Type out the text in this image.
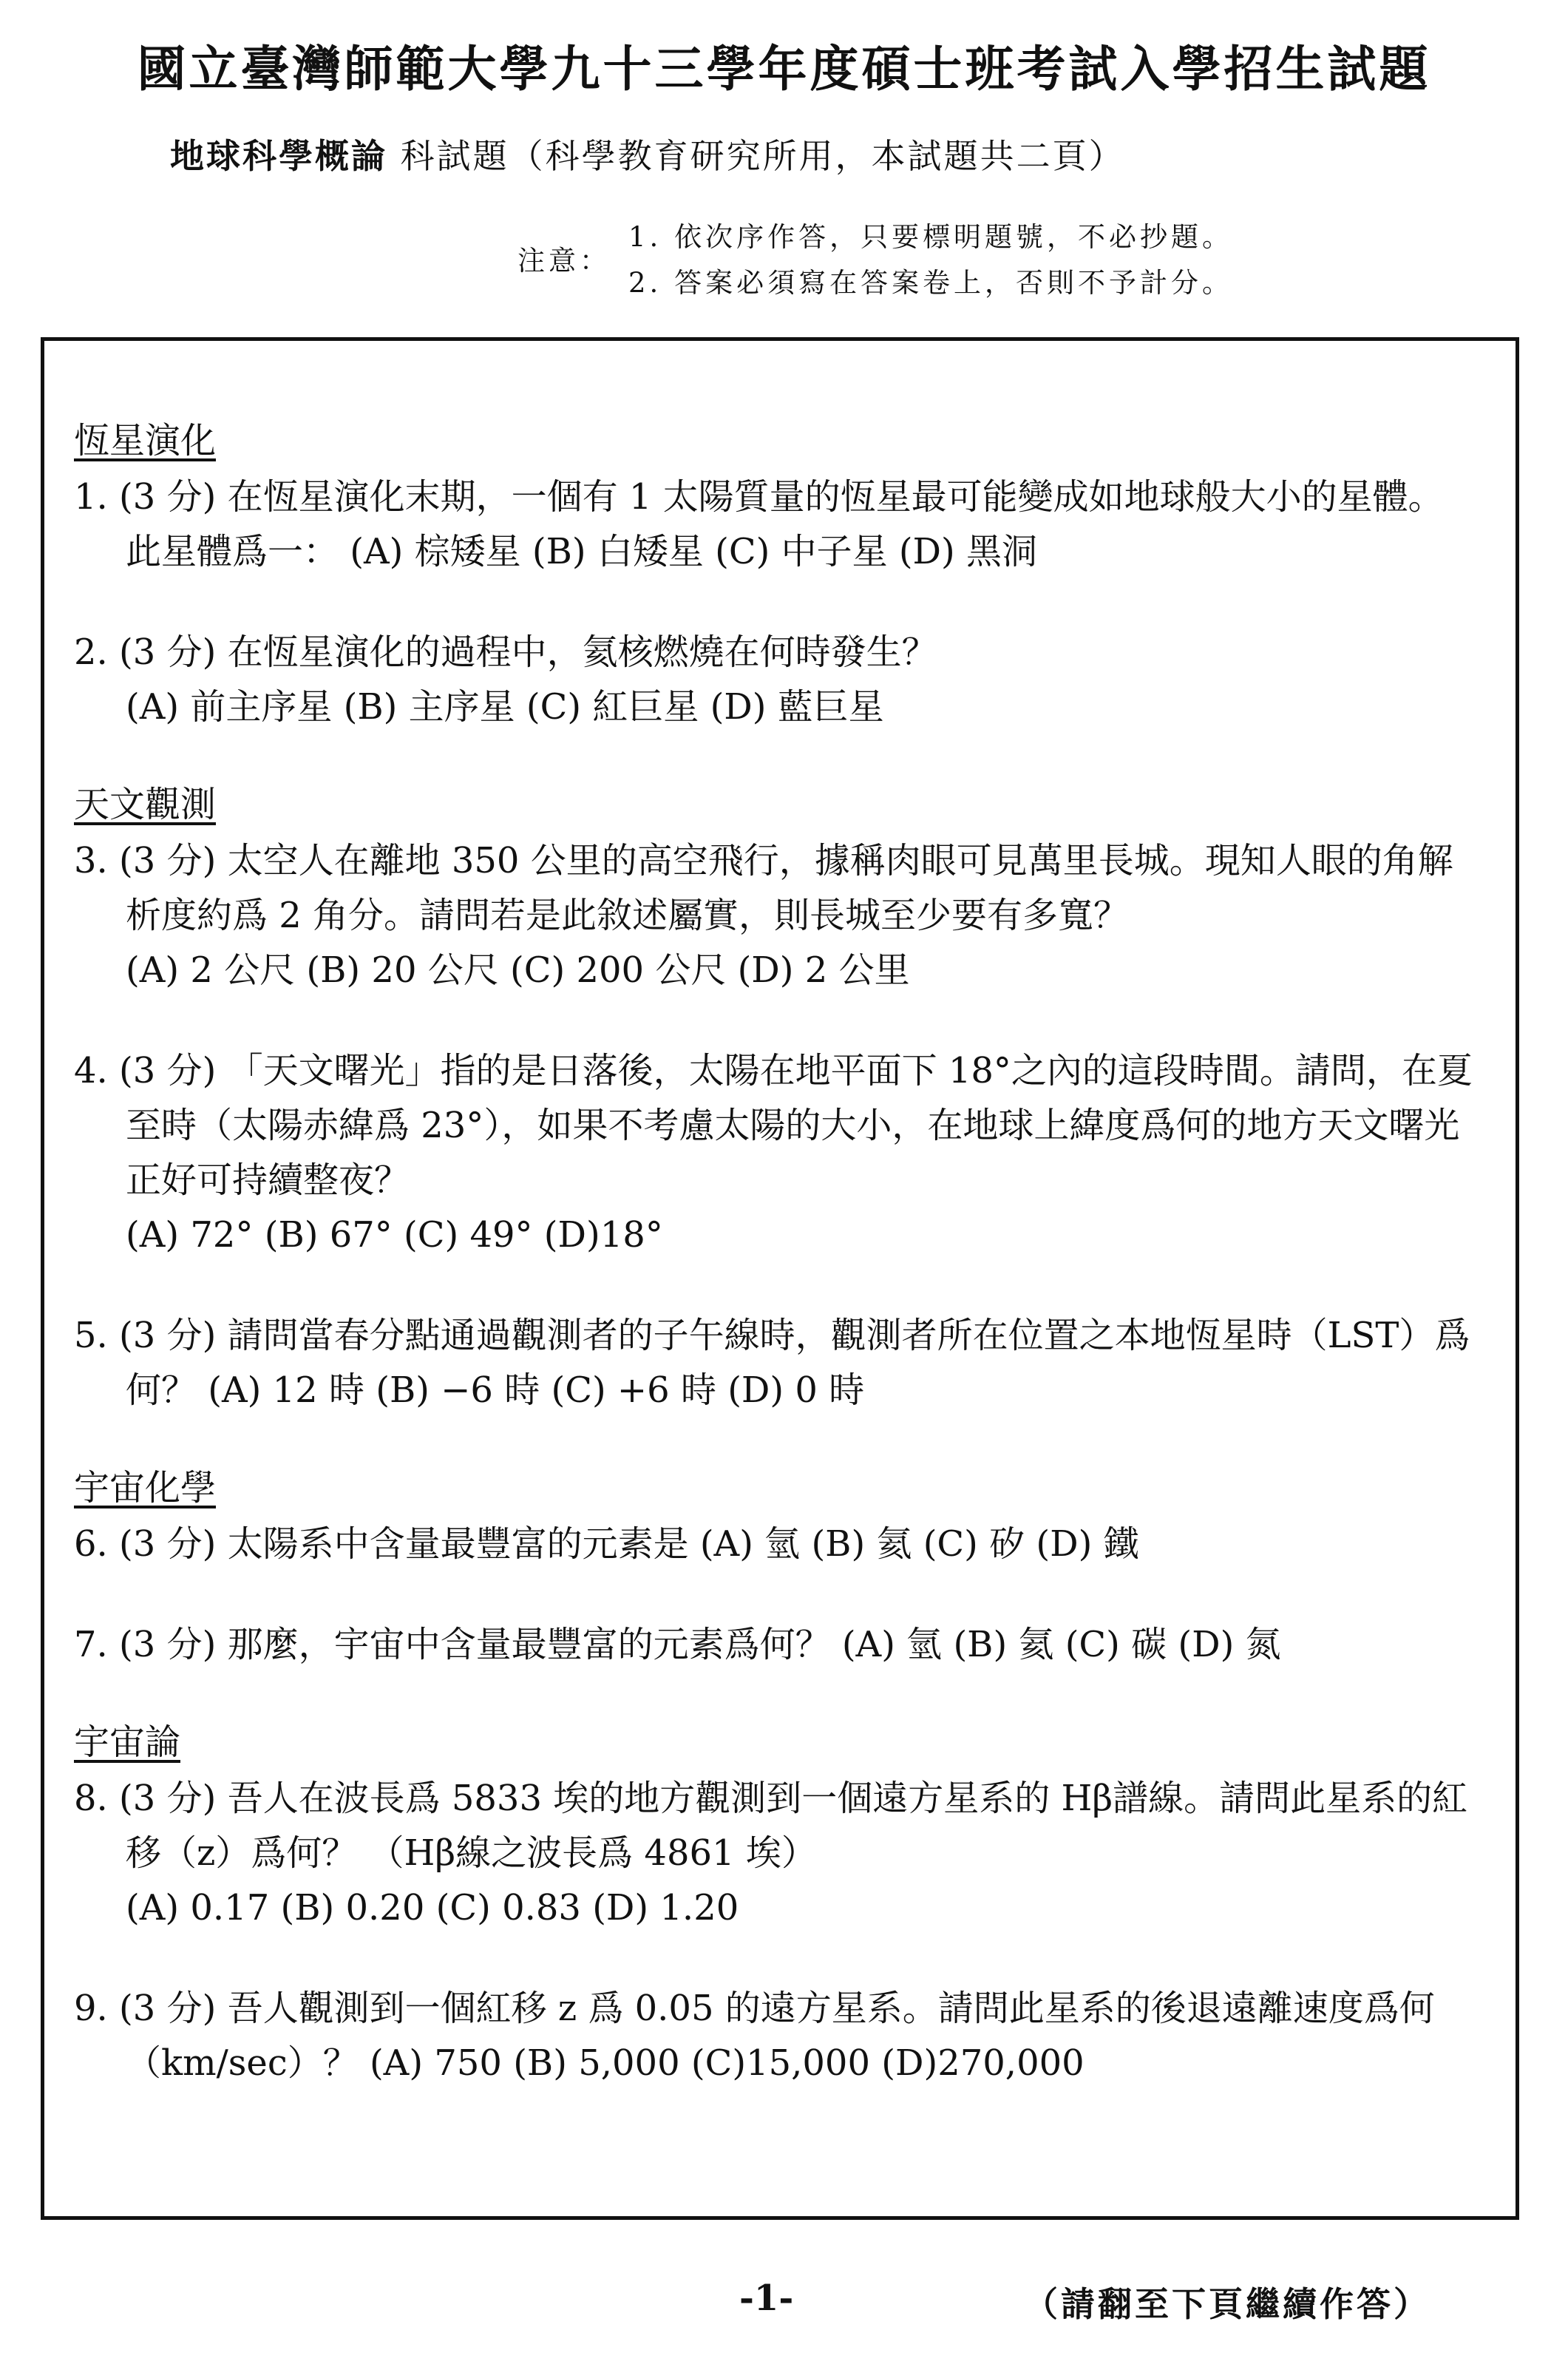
國立臺灣師範大學九十三學年度碩士班考試入學招生試題
地球科學概論 科試題（科學教育研究所用，本試題共二頁）
注意：
1. 依次序作答，只要標明題號，不必抄題。
2. 答案必須寫在答案卷上，否則不予計分。
恆星演化
1. (3 分) 在恆星演化末期，一個有 1 太陽質量的恆星最可能變成如地球般大小的星體。
此星體爲一： (A) 棕矮星 (B) 白矮星 (C) 中子星 (D) 黑洞
2. (3 分) 在恆星演化的過程中，氦核燃燒在何時發生？
(A) 前主序星 (B) 主序星 (C) 紅巨星 (D) 藍巨星
天文觀測
3. (3 分) 太空人在離地 350 公里的高空飛行，據稱肉眼可見萬里長城。現知人眼的角解
析度約爲 2 角分。請問若是此敘述屬實，則長城至少要有多寬？
(A) 2 公尺 (B) 20 公尺 (C) 200 公尺 (D) 2 公里
4. (3 分) 「天文曙光」指的是日落後，太陽在地平面下 18°之內的這段時間。請問，在夏
至時（太陽赤緯爲 23°），如果不考慮太陽的大小，在地球上緯度爲何的地方天文曙光
正好可持續整夜？
(A) 72° (B) 67° (C) 49° (D)18°
5. (3 分) 請問當春分點通過觀測者的子午線時，觀測者所在位置之本地恆星時（LST）爲
何？ (A) 12 時 (B) −6 時 (C) +6 時 (D) 0 時
宇宙化學
6. (3 分) 太陽系中含量最豐富的元素是 (A) 氫 (B) 氦 (C) 矽 (D) 鐵
7. (3 分) 那麼，宇宙中含量最豐富的元素爲何？ (A) 氫 (B) 氦 (C) 碳 (D) 氮
宇宙論
8. (3 分) 吾人在波長爲 5833 埃的地方觀測到一個遠方星系的 Hβ譜線。請問此星系的紅
移（z）爲何？ （Hβ線之波長爲 4861 埃）
(A) 0.17 (B) 0.20 (C) 0.83 (D) 1.20
9. (3 分) 吾人觀測到一個紅移 z 爲 0.05 的遠方星系。請問此星系的後退遠離速度爲何
（km/sec）？ (A) 750 (B) 5,000 (C)15,000 (D)270,000
-1-	（請翻至下頁繼續作答）
